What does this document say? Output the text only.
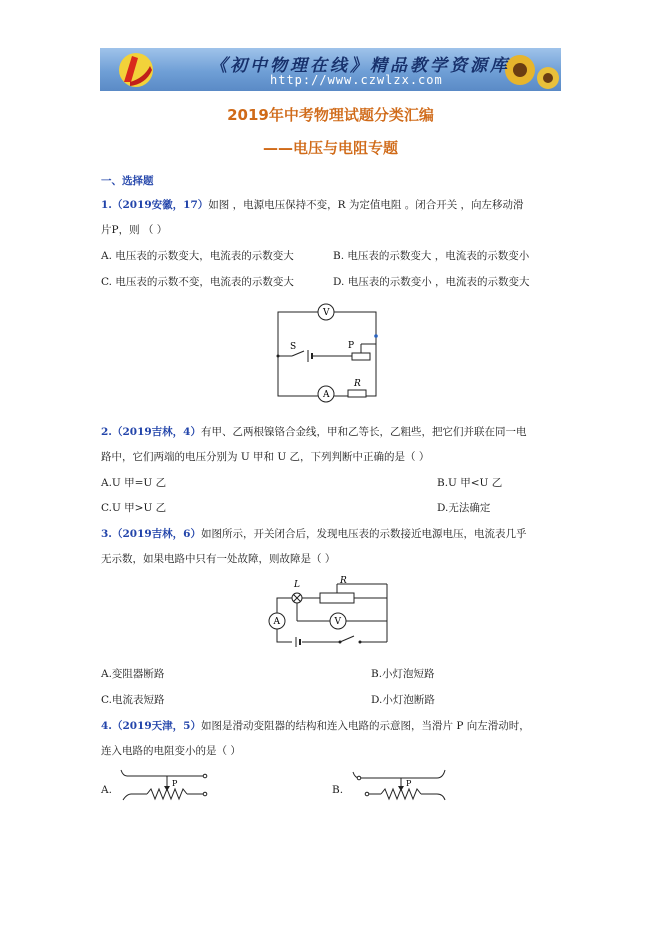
《初中物理在线》精品教学资源库
http://www.czwlzx.com
2019年中考物理试题分类汇编
——电压与电阻专题
一、选择题
1.（2019安徽，17）如图 ，电源电压保持不变，R 为定值电阻 。闭合开关 ，向左移动滑
片P，则 （ ）
A. 电压表的示数变大，电流表的示数变大	B. 电压表的示数变大 ，电流表的示数变小
C. 电压表的示数不变，电流表的示数变大	D. 电压表的示数变小 ，电流表的示数变大
V
A
R
S	P
2.（2019吉林，4）有甲、乙两根镍铬合金线，甲和乙等长，乙粗些，把它们并联在同一电
路中，它们两端的电压分别为 U 甲和 U 乙，下列判断中正确的是（ ）
A.U 甲=U 乙	B.U 甲<U 乙
C.U 甲>U 乙	D.无法确定
3.（2019吉林，6）如图所示，开关闭合后，发现电压表的示数接近电源电压，电流表几乎
无示数，如果电路中只有一处故障，则故障是（ ）
L	R
A	V
A.变阻器断路	B.小灯泡短路
C.电流表短路	D.小灯泡断路
4.（2019天津，5）如图是滑动变阻器的结构和连入电路的示意图，当滑片 P 向左滑动时，
连入电路的电阻变小的是（ ）
A.
P
B.
P
